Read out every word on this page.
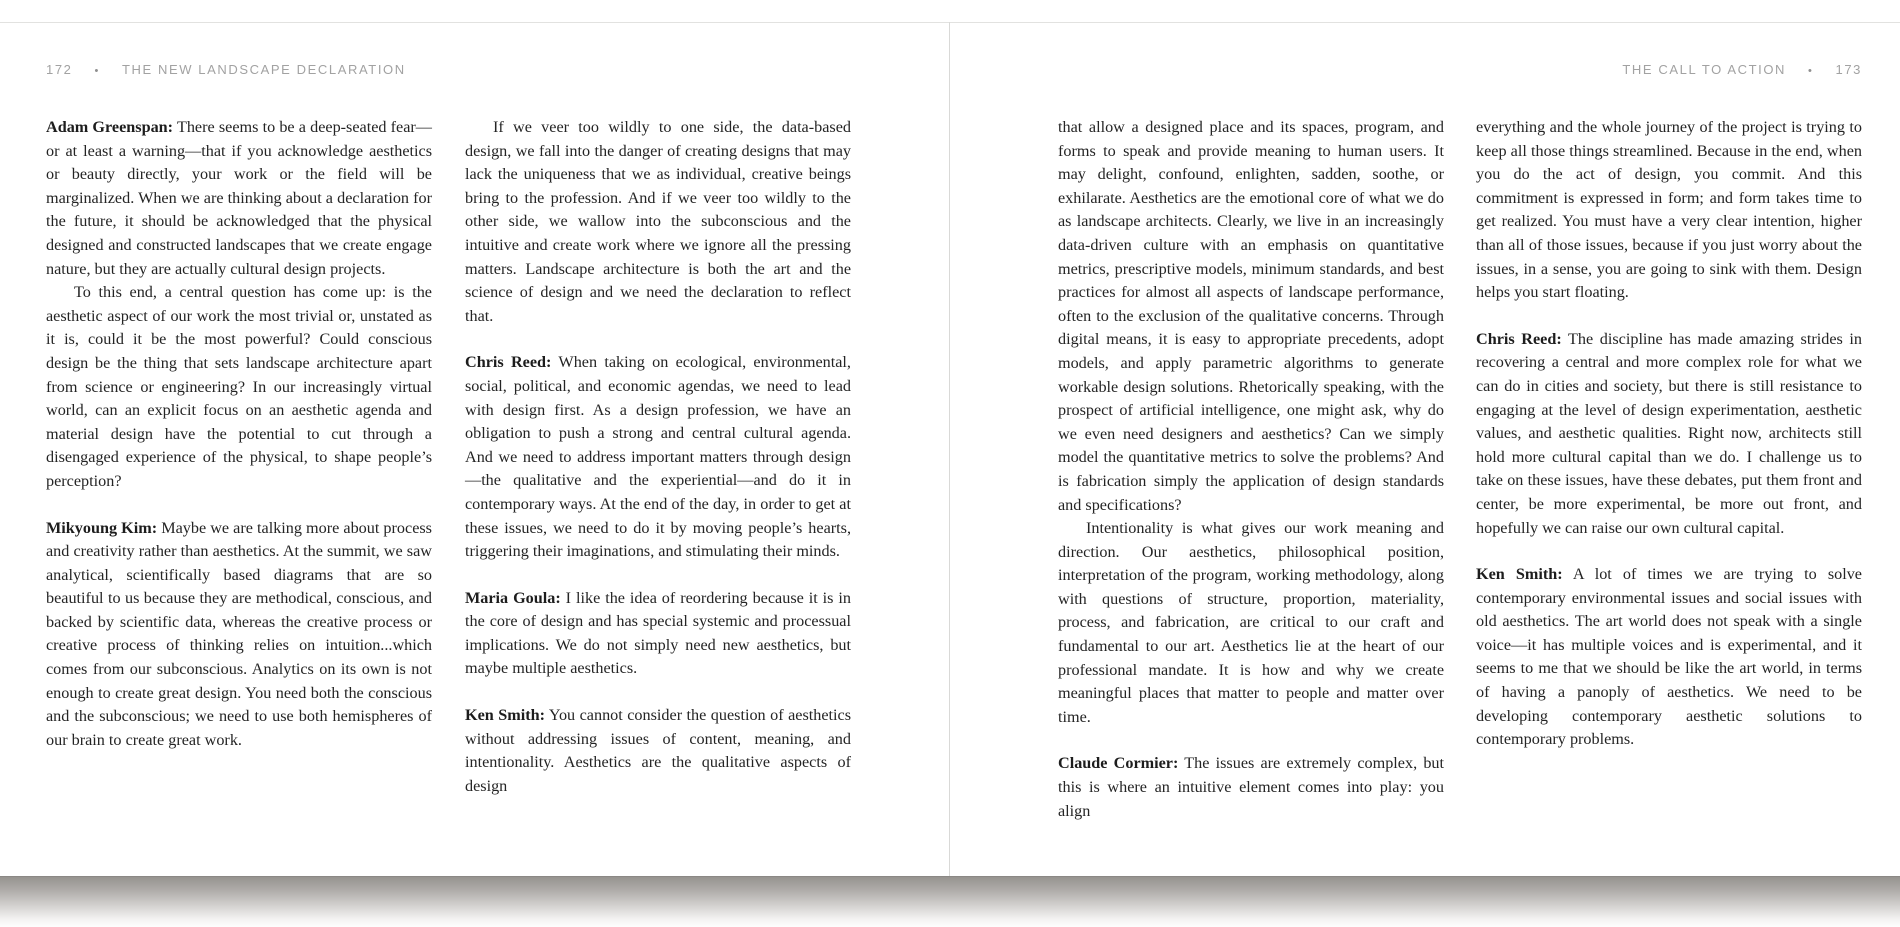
172 • THE NEW LANDSCAPE DECLARATION	THE CALL TO ACTION • 173

Adam Greenspan: There seems to be a deep-seated fear—or at least a warning—that if you acknowledge aesthetics or beauty directly, your work or the field will be marginalized. When we are thinking about a declaration for the future, it should be acknowledged that the physical designed and constructed landscapes that we create engage nature, but they are actually cultural design projects.

To this end, a central question has come up: is the aesthetic aspect of our work the most trivial or, unstated as it is, could it be the most powerful? Could conscious design be the thing that sets landscape architecture apart from science or engineering? In our increasingly virtual world, can an explicit focus on an aesthetic agenda and material design have the potential to cut through a disengaged experience of the physical, to shape people’s perception?

Mikyoung Kim: Maybe we are talking more about process and creativity rather than aesthetics. At the summit, we saw analytical, scientifically based diagrams that are so beautiful to us because they are methodical, conscious, and backed by scientific data, whereas the creative process or creative process of thinking relies on intuition...which comes from our subconscious. Analytics on its own is not enough to create great design. You need both the conscious and the subconscious; we need to use both hemispheres of our brain to create great work.

If we veer too wildly to one side, the data-based design, we fall into the danger of creating designs that may lack the uniqueness that we as individual, creative beings bring to the profession. And if we veer too wildly to the other side, we wallow into the subconscious and the intuitive and create work where we ignore all the pressing matters. Landscape architecture is both the art and the science of design and we need the declaration to reflect that.

Chris Reed: When taking on ecological, environmental, social, political, and economic agendas, we need to lead with design first. As a design profession, we have an obligation to push a strong and central cultural agenda. And we need to address important matters through design—the qualitative and the experiential—and do it in contemporary ways. At the end of the day, in order to get at these issues, we need to do it by moving people’s hearts, triggering their imaginations, and stimulating their minds.

Maria Goula: I like the idea of reordering because it is in the core of design and has special systemic and processual implications. We do not simply need new aesthetics, but maybe multiple aesthetics.

Ken Smith: You cannot consider the question of aesthetics without addressing issues of content, meaning, and intentionality. Aesthetics are the qualitative aspects of design

that allow a designed place and its spaces, program, and forms to speak and provide meaning to human users. It may delight, confound, enlighten, sadden, soothe, or exhilarate. Aesthetics are the emotional core of what we do as landscape architects. Clearly, we live in an increasingly data-driven culture with an emphasis on quantitative metrics, prescriptive models, minimum standards, and best practices for almost all aspects of landscape performance, often to the exclusion of the qualitative concerns. Through digital means, it is easy to appropriate precedents, adopt models, and apply parametric algorithms to generate workable design solutions. Rhetorically speaking, with the prospect of artificial intelligence, one might ask, why do we even need designers and aesthetics? Can we simply model the quantitative metrics to solve the problems? And is fabrication simply the application of design standards and specifications?

Intentionality is what gives our work meaning and direction. Our aesthetics, philosophical position, interpretation of the program, working methodology, along with questions of structure, proportion, materiality, process, and fabrication, are critical to our craft and fundamental to our art. Aesthetics lie at the heart of our professional mandate. It is how and why we create meaningful places that matter to people and matter over time.

Claude Cormier: The issues are extremely complex, but this is where an intuitive element comes into play: you align

everything and the whole journey of the project is trying to keep all those things streamlined. Because in the end, when you do the act of design, you commit. And this commitment is expressed in form; and form takes time to get realized. You must have a very clear intention, higher than all of those issues, because if you just worry about the issues, in a sense, you are going to sink with them. Design helps you start floating.

Chris Reed: The discipline has made amazing strides in recovering a central and more complex role for what we can do in cities and society, but there is still resistance to engaging at the level of design experimentation, aesthetic values, and aesthetic qualities. Right now, architects still hold more cultural capital than we do. I challenge us to take on these issues, have these debates, put them front and center, be more experimental, be more out front, and hopefully we can raise our own cultural capital.

Ken Smith: A lot of times we are trying to solve contemporary environmental issues and social issues with old aesthetics. The art world does not speak with a single voice—it has multiple voices and is experimental, and it seems to me that we should be like the art world, in terms of having a panoply of aesthetics. We need to be developing contemporary aesthetic solutions to contemporary problems.
